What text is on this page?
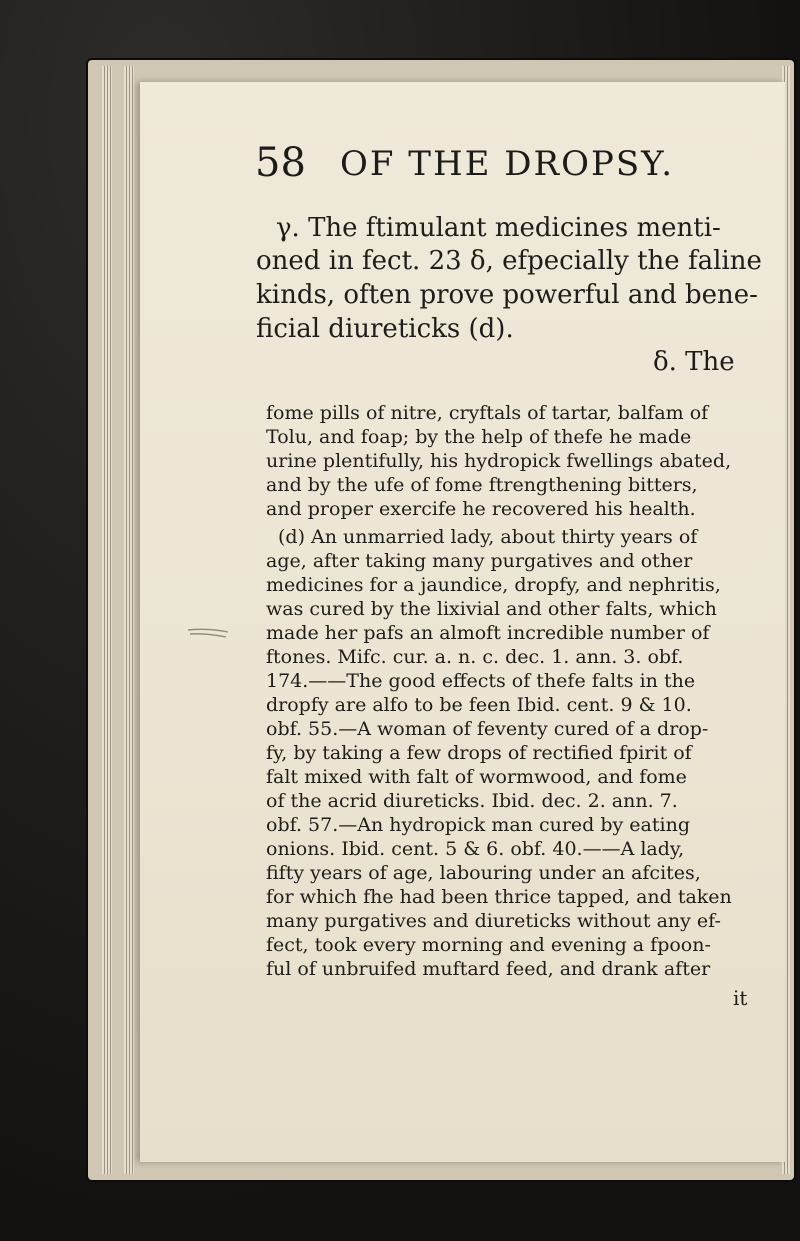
58 OF THE DROPSY.
γ. The ftimulant medicines menti-
oned in fect. 23 δ, efpecially the faline
kinds, often prove powerful and bene-
ficial diureticks (d).
δ. The
fome pills of nitre, cryftals of tartar, balfam of
Tolu, and foap; by the help of thefe he made
urine plentifully, his hydropick fwellings abated,
and by the ufe of fome ftrengthening bitters,
and proper exercife he recovered his health.
(d) An unmarried lady, about thirty years of
age, after taking many purgatives and other
medicines for a jaundice, dropfy, and nephritis,
was cured by the lixivial and other falts, which
made her pafs an almoft incredible number of
ftones. Mifc. cur. a. n. c. dec. 1. ann. 3. obf.
174.——The good effects of thefe falts in the
dropfy are alfo to be feen Ibid. cent. 9 & 10.
obf. 55.—A woman of feventy cured of a drop-
fy, by taking a few drops of rectified fpirit of
falt mixed with falt of wormwood, and fome
of the acrid diureticks. Ibid. dec. 2. ann. 7.
obf. 57.—An hydropick man cured by eating
onions. Ibid. cent. 5 & 6. obf. 40.——A lady,
fifty years of age, labouring under an afcites,
for which fhe had been thrice tapped, and taken
many purgatives and diureticks without any ef-
fect, took every morning and evening a fpoon-
ful of unbruifed muftard feed, and drank after
it
